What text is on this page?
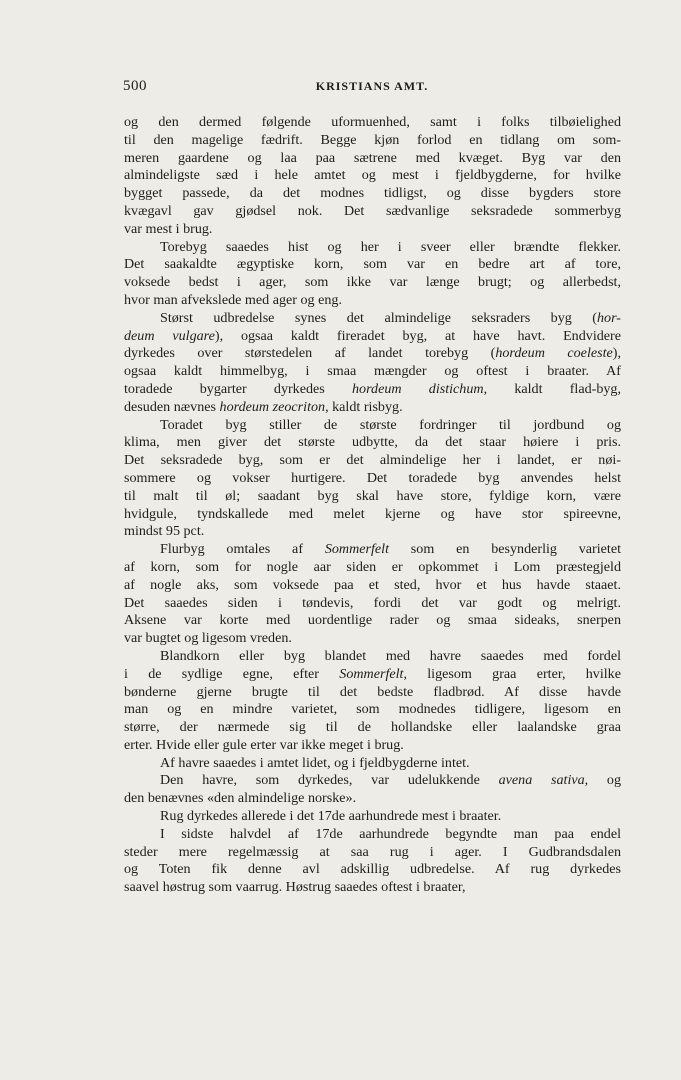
500	KRISTIANS AMT.

og den dermed følgende uformuenhed, samt i folks tilbøielighed
til den magelige fædrift. Begge kjøn forlod en tidlang om som-
meren gaardene og laa paa sætrene med kvæget. Byg var den
almindeligste sæd i hele amtet og mest i fjeldbygderne, for hvilke
bygget passede, da det modnes tidligst, og disse bygders store
kvægavl gav gjødsel nok. Det sædvanlige seksradede sommerbyg
var mest i brug.

Torebyg saaedes hist og her i sveer eller brændte flekker.
Det saakaldte ægyptiske korn, som var en bedre art af tore,
voksede bedst i ager, som ikke var længe brugt; og allerbedst,
hvor man afvekslede med ager og eng.

Størst udbredelse synes det almindelige seksraders byg (hor-
deum vulgare), ogsaa kaldt fireradet byg, at have havt. Endvidere
dyrkedes over størstedelen af landet torebyg (hordeum coeleste),
ogsaa kaldt himmelbyg, i smaa mængder og oftest i braater. Af
toradede bygarter dyrkedes hordeum distichum, kaldt flad-byg,
desuden nævnes hordeum zeocriton, kaldt risbyg.

Toradet byg stiller de største fordringer til jordbund og
klima, men giver det største udbytte, da det staar høiere i pris.
Det seksradede byg, som er det almindelige her i landet, er nøi-
sommere og vokser hurtigere. Det toradede byg anvendes helst
til malt til øl; saadant byg skal have store, fyldige korn, være
hvidgule, tyndskallede med melet kjerne og have stor spireevne,
mindst 95 pct.

Flurbyg omtales af Sommerfelt som en besynderlig varietet
af korn, som for nogle aar siden er opkommet i Lom præstegjeld
af nogle aks, som voksede paa et sted, hvor et hus havde staaet.
Det saaedes siden i tøndevis, fordi det var godt og melrigt.
Aksene var korte med uordentlige rader og smaa sideaks, snerpen
var bugtet og ligesom vreden.

Blandkorn eller byg blandet med havre saaedes med fordel
i de sydlige egne, efter Sommerfelt, ligesom graa erter, hvilke
bønderne gjerne brugte til det bedste fladbrød. Af disse havde
man og en mindre varietet, som modnedes tidligere, ligesom en
større, der nærmede sig til de hollandske eller laalandske graa
erter. Hvide eller gule erter var ikke meget i brug.

Af havre saaedes i amtet lidet, og i fjeldbygderne intet.

Den havre, som dyrkedes, var udelukkende avena sativa, og
den benævnes «den almindelige norske».

Rug dyrkedes allerede i det 17de aarhundrede mest i braater.

I sidste halvdel af 17de aarhundrede begyndte man paa endel
steder mere regelmæssig at saa rug i ager. I Gudbrandsdalen
og Toten fik denne avl adskillig udbredelse. Af rug dyrkedes
saavel høstrug som vaarrug. Høstrug saaedes oftest i braater,
